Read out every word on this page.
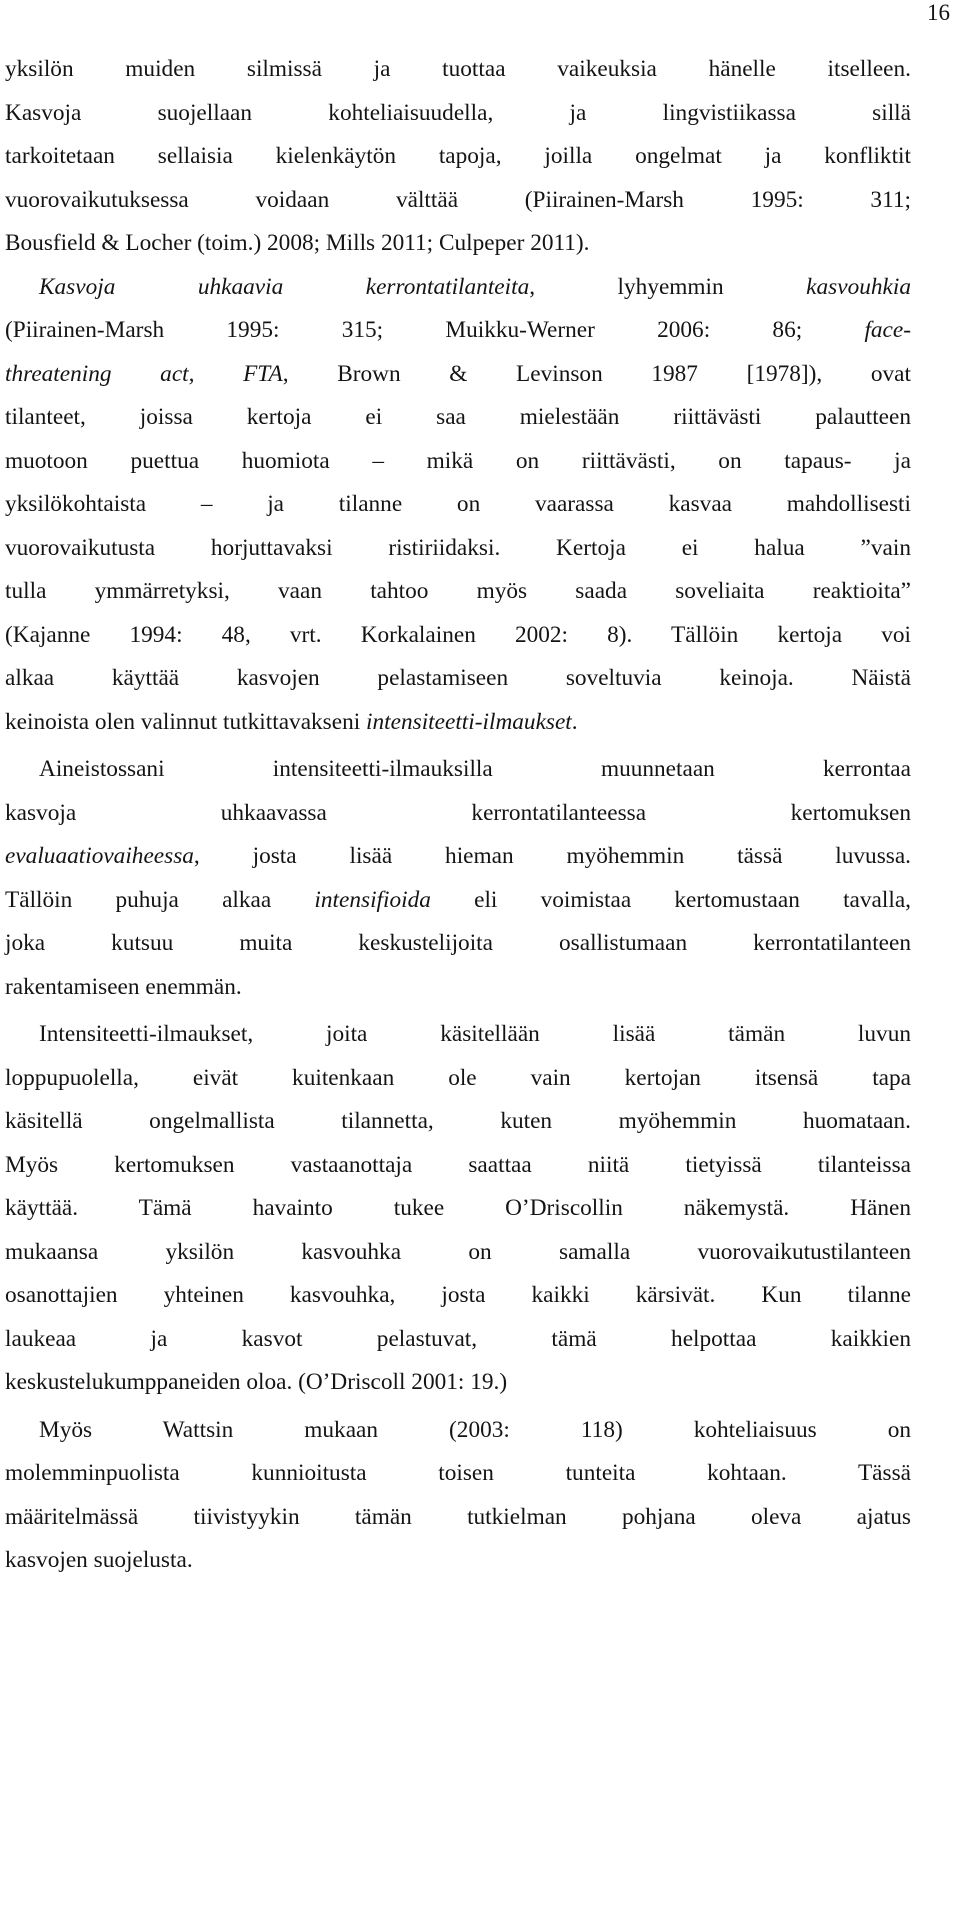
16
yksilön muiden silmissä ja tuottaa vaikeuksia hänelle itselleen.
Kasvoja suojellaan kohteliaisuudella, ja lingvistiikassa sillä
tarkoitetaan sellaisia kielenkäytön tapoja, joilla ongelmat ja konfliktit
vuorovaikutuksessa voidaan välttää (Piirainen-Marsh 1995: 311;
Bousfield & Locher (toim.) 2008; Mills 2011; Culpeper 2011).
Kasvoja uhkaavia kerrontatilanteita, lyhyemmin kasvouhkia
(Piirainen-Marsh 1995: 315; Muikku-Werner 2006: 86; face-
threatening act, FTA, Brown & Levinson 1987 [1978]), ovat
tilanteet, joissa kertoja ei saa mielestään riittävästi palautteen
muotoon puettua huomiota – mikä on riittävästi, on tapaus- ja
yksilökohtaista – ja tilanne on vaarassa kasvaa mahdollisesti
vuorovaikutusta horjuttavaksi ristiriidaksi. Kertoja ei halua ”vain
tulla ymmärretyksi, vaan tahtoo myös saada soveliaita reaktioita”
(Kajanne 1994: 48, vrt. Korkalainen 2002: 8). Tällöin kertoja voi
alkaa käyttää kasvojen pelastamiseen soveltuvia keinoja. Näistä
keinoista olen valinnut tutkittavakseni intensiteetti-ilmaukset.
Aineistossani intensiteetti-ilmauksilla muunnetaan kerrontaa
kasvoja uhkaavassa kerrontatilanteessa kertomuksen
evaluaatiovaiheessa, josta lisää hieman myöhemmin tässä luvussa.
Tällöin puhuja alkaa intensifioida eli voimistaa kertomustaan tavalla,
joka kutsuu muita keskustelijoita osallistumaan kerrontatilanteen
rakentamiseen enemmän.
Intensiteetti-ilmaukset, joita käsitellään lisää tämän luvun
loppupuolella, eivät kuitenkaan ole vain kertojan itsensä tapa
käsitellä ongelmallista tilannetta, kuten myöhemmin huomataan.
Myös kertomuksen vastaanottaja saattaa niitä tietyissä tilanteissa
käyttää. Tämä havainto tukee O’Driscollin näkemystä. Hänen
mukaansa yksilön kasvouhka on samalla vuorovaikutustilanteen
osanottajien yhteinen kasvouhka, josta kaikki kärsivät. Kun tilanne
laukeaa ja kasvot pelastuvat, tämä helpottaa kaikkien
keskustelukumppaneiden oloa. (O’Driscoll 2001: 19.)
Myös Wattsin mukaan (2003: 118) kohteliaisuus on
molemminpuolista kunnioitusta toisen tunteita kohtaan. Tässä
määritelmässä tiivistyykin tämän tutkielman pohjana oleva ajatus
kasvojen suojelusta.
